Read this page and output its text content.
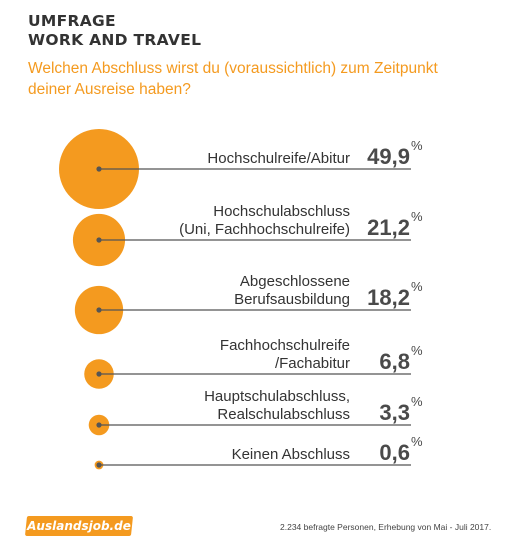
UMFRAGE
WORK AND TRAVEL

Welchen Abschluss wirst du (voraussichtlich) zum Zeitpunkt deiner Ausreise haben?

Hochschulreife/Abitur 49,9 %
Hochschulabschluss
(Uni, Fachhochschulreife) 21,2 %
Abgeschlossene
Berufsausbildung 18,2 %
Fachhochschulreife
/Fachabitur 6,8 %
Hauptschulabschluss,
Realschulabschluss 3,3 %
Keinen Abschluss 0,6 %
Auslandsjob.de	2.234 befragte Personen, Erhebung von Mai - Juli 2017.
